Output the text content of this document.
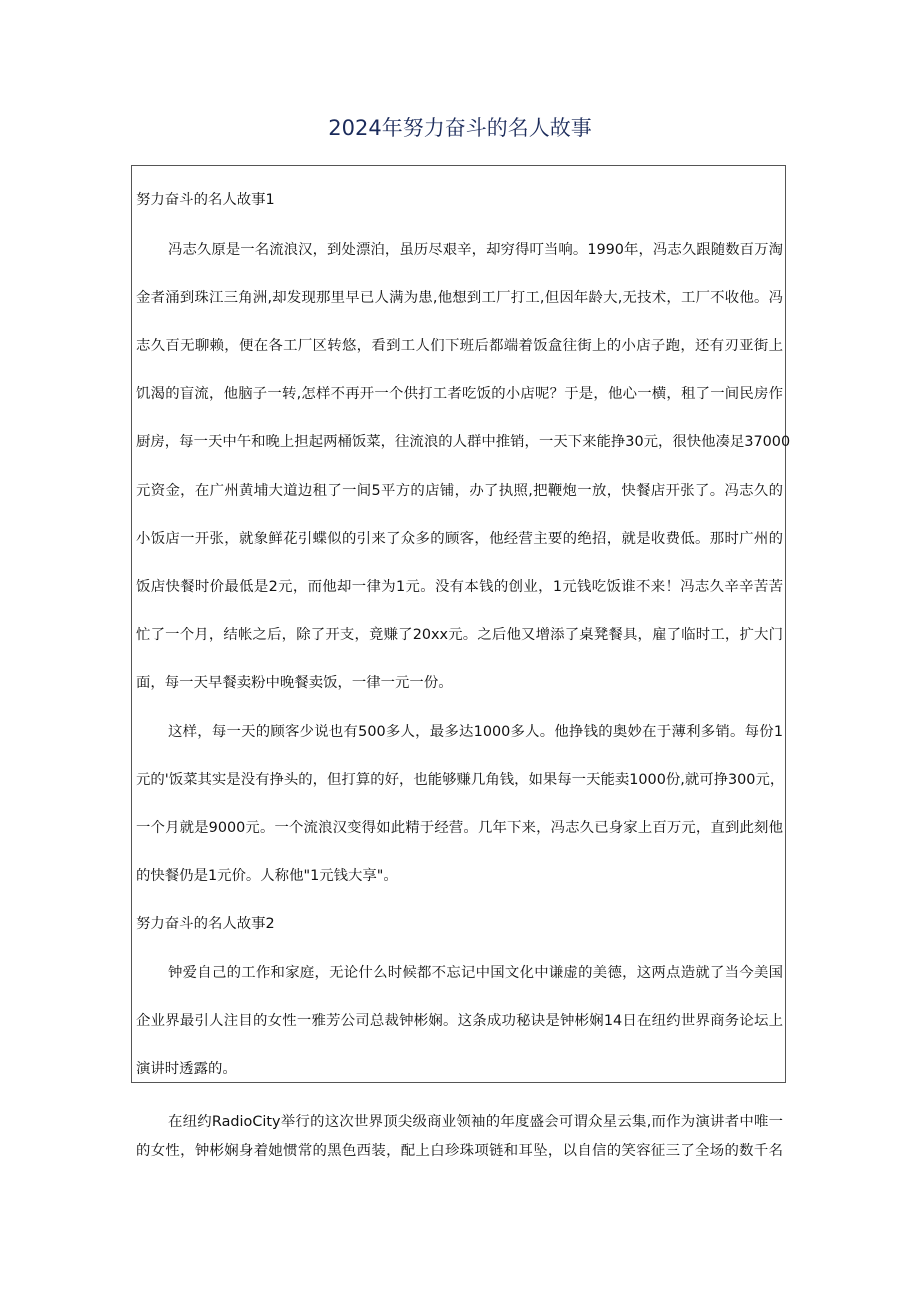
2024年努力奋斗的名人故事
努力奋斗的名人故事1
冯志久原是一名流浪汉，到处漂泊，虽历尽艰辛，却穷得叮当响。1990年，冯志久跟随数百万淘
金者涌到珠江三角洲,却发现那里早已人满为患,他想到工厂打工,但因年龄大,无技术，工厂不收他。冯
志久百无聊赖，便在各工厂区转悠，看到工人们下班后都端着饭盒往街上的小店子跑，还有刃亚街上
饥渴的盲流，他脑子一转,怎样不再开一个供打工者吃饭的小店呢？于是，他心一横，租了一间民房作
厨房，每一天中午和晚上担起两桶饭菜，往流浪的人群中推销，一天下来能挣30元，很快他凑足37000
元资金，在广州黄埔大道边租了一间5平方的店铺，办了执照,把鞭炮一放，快餐店开张了。冯志久的
小饭店一开张，就象鲜花引蝶似的引来了众多的顾客，他经营主要的绝招，就是收费低。那时广州的
饭店快餐时价最低是2元，而他却一律为1元。没有本钱的创业，1元钱吃饭谁不来！冯志久辛辛苦苦
忙了一个月，结帐之后，除了开支，竟赚了20xx元。之后他又增添了桌凳餐具，雇了临时工，扩大门
面，每一天早餐卖粉中晚餐卖饭，一律一元一份。
这样，每一天的顾客少说也有500多人，最多达1000多人。他挣钱的奥妙在于薄利多销。每份1
元的'饭菜其实是没有挣头的，但打算的好，也能够赚几角钱，如果每一天能卖1000份,就可挣300元，
一个月就是9000元。一个流浪汉变得如此精于经营。几年下来，冯志久已身家上百万元，直到此刻他
的快餐仍是1元价。人称他"1元钱大享"。
努力奋斗的名人故事2
钟爱自己的工作和家庭，无论什么时候都不忘记中国文化中谦虚的美德，这两点造就了当今美国
企业界最引人注目的女性一雅芳公司总裁钟彬娴。这条成功秘诀是钟彬娴14日在纽约世界商务论坛上
演讲时透露的。
在纽约RadioCity举行的这次世界顶尖级商业领袖的年度盛会可谓众星云集,而作为演讲者中唯一
的女性，钟彬娴身着她惯常的黑色西装，配上白珍珠项链和耳坠，以自信的笑容征三了全场的数千名
